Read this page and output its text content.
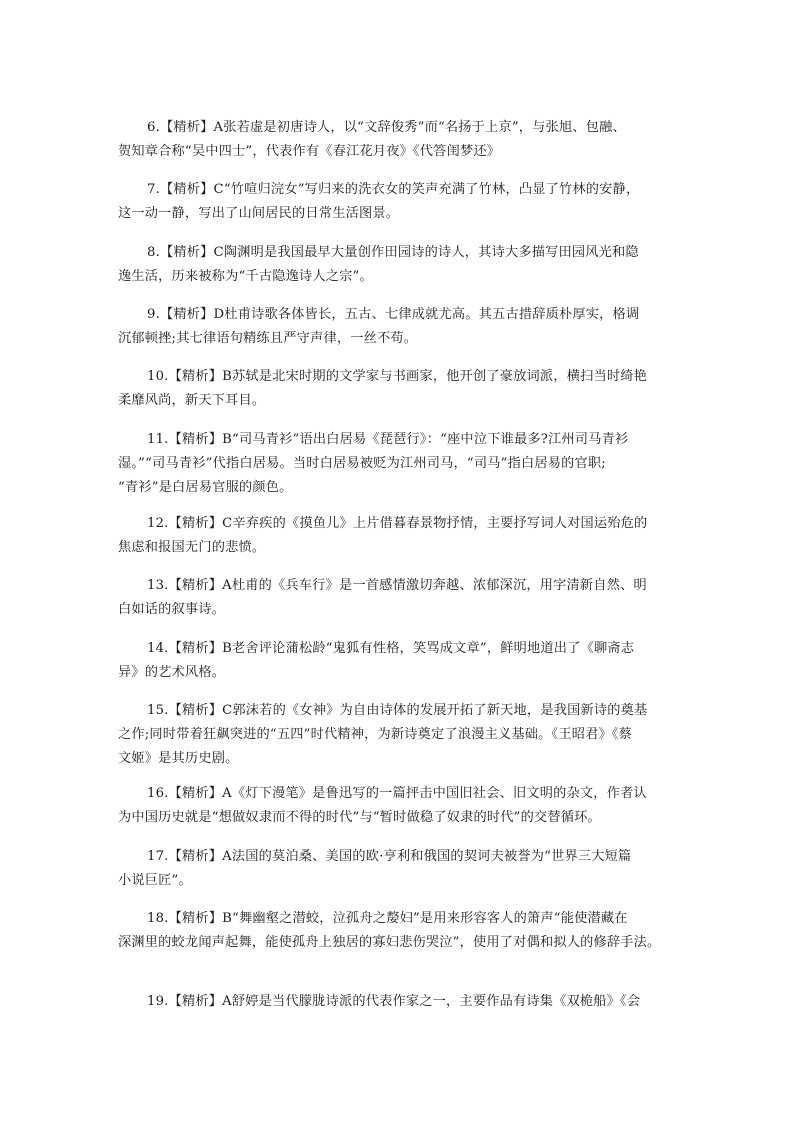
6.【精析】A张若虚是初唐诗人，以“文辞俊秀”而“名扬于上京”，与张旭、包融、
贺知章合称“吴中四士”，代表作有《春江花月夜》《代答闺梦还》
7.【精析】C“竹喧归浣女”写归来的洗衣女的笑声充满了竹林，凸显了竹林的安静，
这一动一静，写出了山间居民的日常生活图景。
8.【精析】C陶渊明是我国最早大量创作田园诗的诗人，其诗大多描写田园风光和隐
逸生活，历来被称为“千古隐逸诗人之宗”。
9.【精析】D杜甫诗歌各体皆长，五古、七律成就尤高。其五古措辞质朴厚实，格调
沉郁顿挫;其七律语句精练且严守声律，一丝不苟。
10.【精析】B苏轼是北宋时期的文学家与书画家，他开创了豪放词派，横扫当时绮艳
柔靡风尚，新天下耳目。
11.【精析】B“司马青衫”语出白居易《琵琶行》：“座中泣下谁最多?江州司马青衫
湿。”“司马青衫”代指白居易。当时白居易被贬为江州司马，“司马”指白居易的官职;
“青衫”是白居易官服的颜色。
12.【精析】C辛弃疾的《摸鱼儿》上片借暮春景物抒情，主要抒写词人对国运殆危的
焦虑和报国无门的悲愤。
13.【精析】A杜甫的《兵车行》是一首感情激切奔越、浓郁深沉，用字清新自然、明
白如话的叙事诗。
14.【精析】B老舍评论蒲松龄“鬼狐有性格，笑骂成文章”，鲜明地道出了《聊斋志
异》的艺术风格。
15.【精析】C郭沫若的《女神》为自由诗体的发展开拓了新天地，是我国新诗的奠基
之作;同时带着狂飙突进的“五四”时代精神，为新诗奠定了浪漫主义基础。《王昭君》《蔡
文姬》是其历史剧。
16.【精析】A《灯下漫笔》是鲁迅写的一篇抨击中国旧社会、旧文明的杂文，作者认
为中国历史就是“想做奴隶而不得的时代”与“暂时做稳了奴隶的时代”的交替循环。
17.【精析】A法国的莫泊桑、美国的欧·亨利和俄国的契诃夫被誉为“世界三大短篇
小说巨匠”。
18.【精析】B“舞幽壑之潜蛟，泣孤舟之嫠妇”是用来形容客人的箫声“能使潜藏在
深渊里的蛟龙闻声起舞，能使孤舟上独居的寡妇悲伤哭泣”，使用了对偶和拟人的修辞手法。
19.【精析】A舒婷是当代朦胧诗派的代表作家之一，主要作品有诗集《双桅船》《会
